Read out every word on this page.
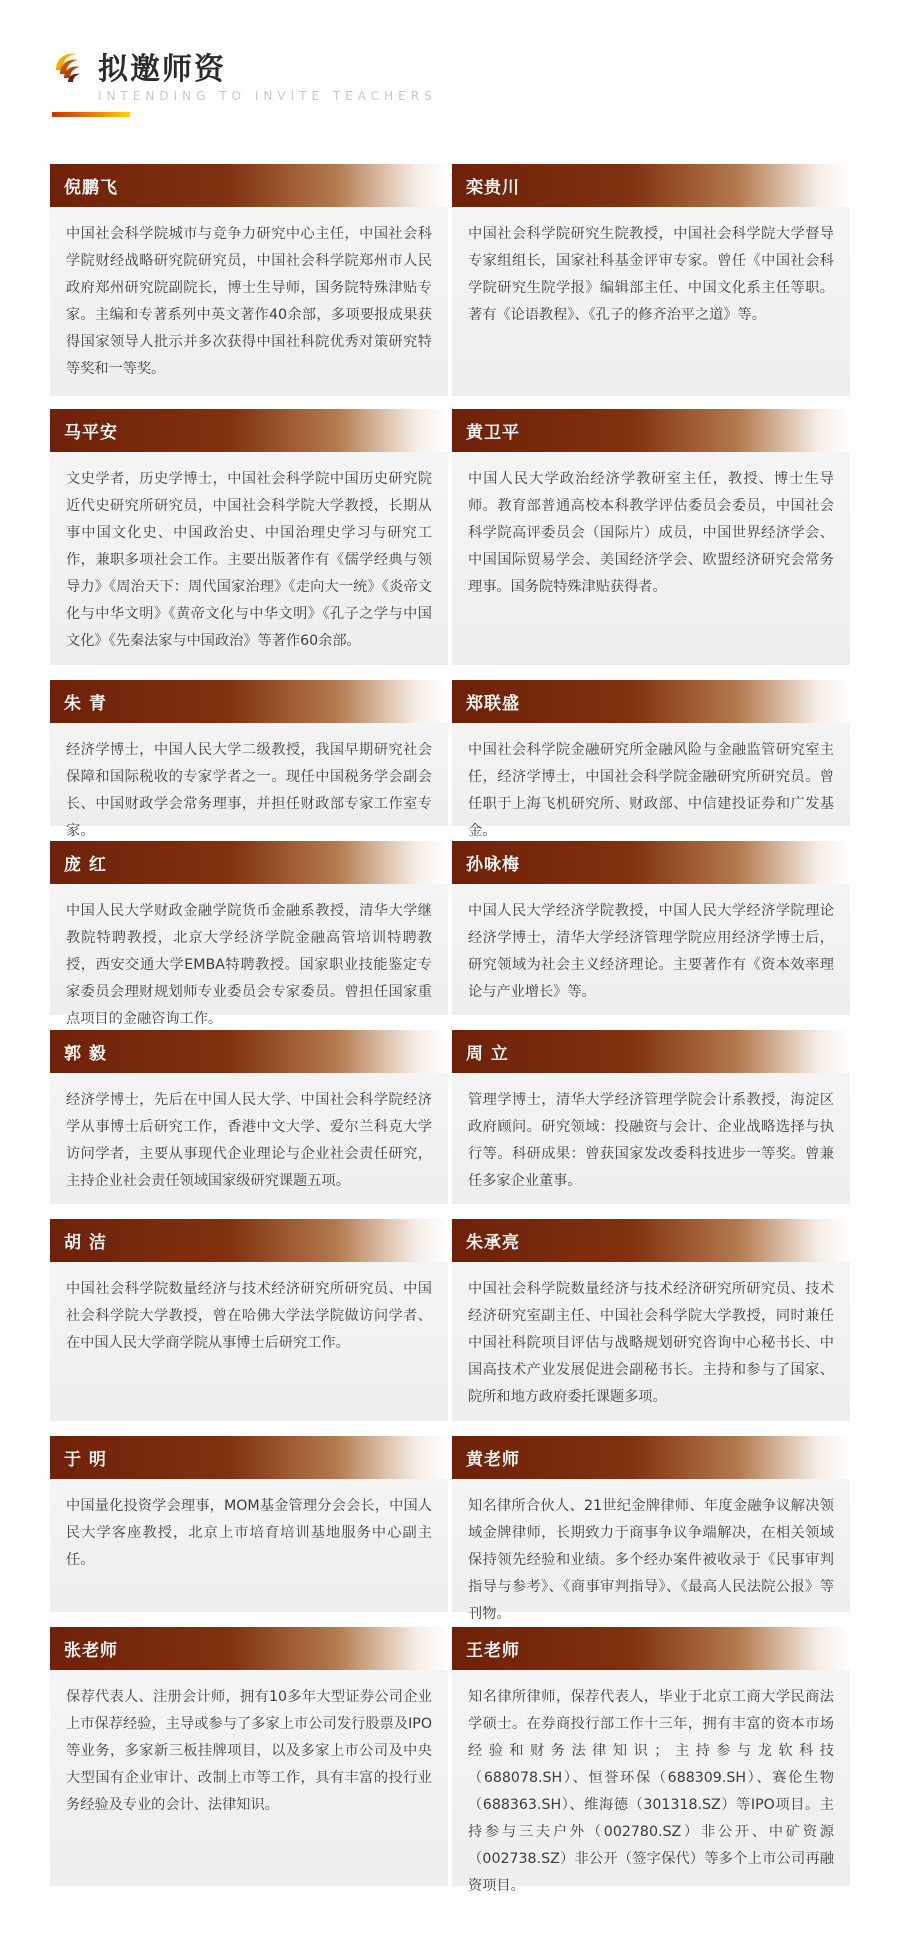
拟邀师资
INTENDING TO INVITE TEACHERS
倪鹏飞
中国社会科学院城市与竞争力研究中心主任，中国社会科学院财经战略研究院研究员，中国社会科学院郑州市人民政府郑州研究院副院长，博士生导师，国务院特殊津贴专家。主编和专著系列中英文著作40余部，多项要报成果获得国家领导人批示并多次获得中国社科院优秀对策研究特等奖和一等奖。
栾贵川
中国社会科学院研究生院教授，中国社会科学院大学督导专家组组长，国家社科基金评审专家。曾任《中国社会科学院研究生院学报》编辑部主任、中国文化系主任等职。著有《论语教程》、《孔子的修齐治平之道》等。
马平安
文史学者，历史学博士，中国社会科学院中国历史研究院近代史研究所研究员，中国社会科学院大学教授，长期从事中国文化史、中国政治史、中国治理史学习与研究工作，兼职多项社会工作。主要出版著作有《儒学经典与领导力》《周治天下：周代国家治理》《走向大一统》《炎帝文化与中华文明》《黄帝文化与中华文明》《孔子之学与中国文化》《先秦法家与中国政治》等著作60余部。
黄卫平
中国人民大学政治经济学教研室主任，教授、博士生导师。教育部普通高校本科教学评估委员会委员，中国社会科学院高评委员会（国际片）成员，中国世界经济学会、中国国际贸易学会、美国经济学会、欧盟经济研究会常务理事。国务院特殊津贴获得者。
朱 青
经济学博士，中国人民大学二级教授，我国早期研究社会保障和国际税收的专家学者之一。现任中国税务学会副会长、中国财政学会常务理事，并担任财政部专家工作室专家。
郑联盛
中国社会科学院金融研究所金融风险与金融监管研究室主任，经济学博士，中国社会科学院金融研究所研究员。曾任职于上海飞机研究所、财政部、中信建投证券和广发基金。
庞 红
中国人民大学财政金融学院货币金融系教授，清华大学继教院特聘教授，北京大学经济学院金融高管培训特聘教授，西安交通大学EMBA特聘教授。国家职业技能鉴定专家委员会理财规划师专业委员会专家委员。曾担任国家重点项目的金融咨询工作。
孙咏梅
中国人民大学经济学院教授，中国人民大学经济学院理论经济学博士，清华大学经济管理学院应用经济学博士后，研究领域为社会主义经济理论。主要著作有《资本效率理论与产业增长》等。
郭 毅
经济学博士，先后在中国人民大学、中国社会科学院经济学从事博士后研究工作，香港中文大学、爱尔兰科克大学访问学者，主要从事现代企业理论与企业社会责任研究，主持企业社会责任领域国家级研究课题五项。
周 立
管理学博士，清华大学经济管理学院会计系教授，海淀区政府顾问。研究领域：投融资与会计、企业战略选择与执行等。科研成果：曾获国家发改委科技进步一等奖。曾兼任多家企业董事。
胡 洁
中国社会科学院数量经济与技术经济研究所研究员、中国社会科学院大学教授，曾在哈佛大学法学院做访问学者、在中国人民大学商学院从事博士后研究工作。
朱承亮
中国社会科学院数量经济与技术经济研究所研究员、技术经济研究室副主任、中国社会科学院大学教授，同时兼任中国社科院项目评估与战略规划研究咨询中心秘书长、中国高技术产业发展促进会副秘书长。主持和参与了国家、院所和地方政府委托课题多项。
于 明
中国量化投资学会理事，MOM基金管理分会会长，中国人民大学客座教授，北京上市培育培训基地服务中心副主任。
黄老师
知名律所合伙人、21世纪金牌律师、年度金融争议解决领域金牌律师，长期致力于商事争议争端解决，在相关领域保持领先经验和业绩。多个经办案件被收录于《民事审判指导与参考》、《商事审判指导》、《最高人民法院公报》等刊物。
张老师
保荐代表人、注册会计师，拥有10多年大型证券公司企业上市保荐经验，主导或参与了多家上市公司发行股票及IPO等业务，多家新三板挂牌项目，以及多家上市公司及中央大型国有企业审计、改制上市等工作，具有丰富的投行业务经验及专业的会计、法律知识。
王老师
知名律所律师，保荐代表人，毕业于北京工商大学民商法学硕士。在券商投行部工作十三年，拥有丰富的资本市场经验和财务法律知识；主持参与龙软科技（688078.SH）、恒誉环保（688309.SH）、赛伦生物（688363.SH）、维海德（301318.SZ）等IPO项目。主持参与三夫户外（002780.SZ）非公开、中矿资源（002738.SZ）非公开（签字保代）等多个上市公司再融资项目。
